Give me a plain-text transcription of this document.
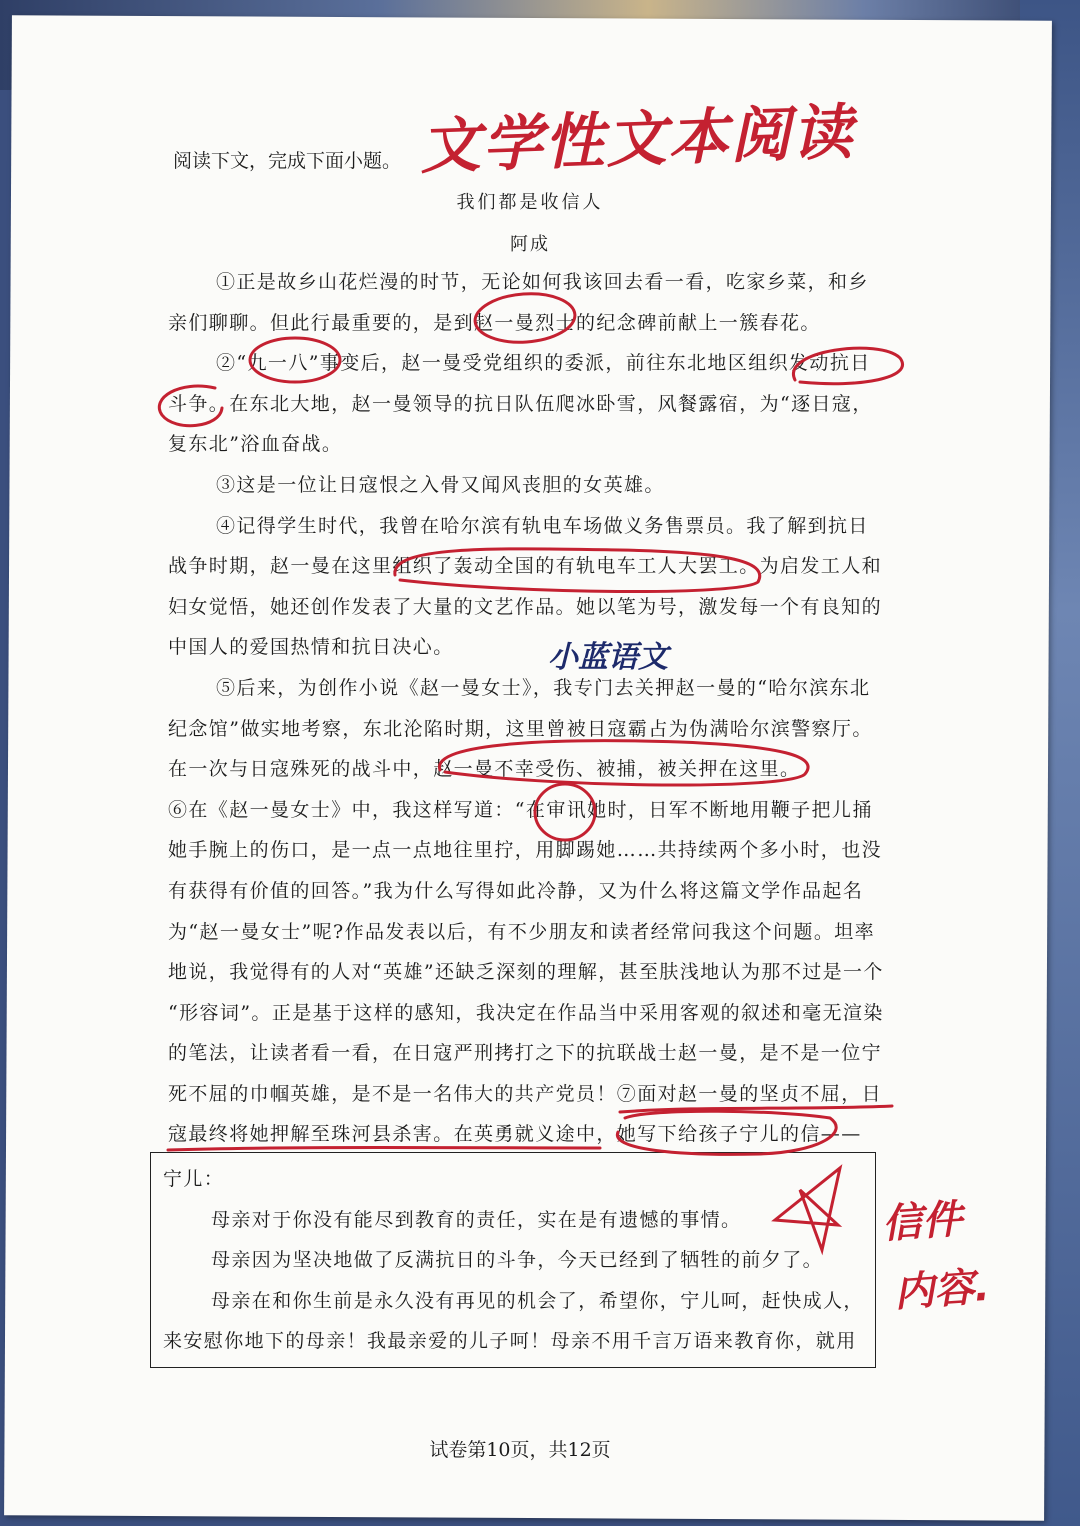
阅读下文，完成下面小题。
我们都是收信人
阿成
①正是故乡山花烂漫的时节，无论如何我该回去看一看，吃家乡菜，和乡
亲们聊聊。但此行最重要的，是到赵一曼烈士的纪念碑前献上一簇春花。
②“九一八”事变后，赵一曼受党组织的委派，前往东北地区组织发动抗日
斗争。在东北大地，赵一曼领导的抗日队伍爬冰卧雪，风餐露宿，为“逐日寇，
复东北”浴血奋战。
③这是一位让日寇恨之入骨又闻风丧胆的女英雄。
④记得学生时代，我曾在哈尔滨有轨电车场做义务售票员。我了解到抗日
战争时期，赵一曼在这里组织了轰动全国的有轨电车工人大罢工。为启发工人和
妇女觉悟，她还创作发表了大量的文艺作品。她以笔为号，激发每一个有良知的
中国人的爱国热情和抗日决心。
⑤后来，为创作小说《赵一曼女士》，我专门去关押赵一曼的“哈尔滨东北
纪念馆”做实地考察，东北沦陷时期，这里曾被日寇霸占为伪满哈尔滨警察厅。
在一次与日寇殊死的战斗中，赵一曼不幸受伤、被捕，被关押在这里。
⑥在《赵一曼女士》中，我这样写道：“在审讯她时，日军不断地用鞭子把儿捅
她手腕上的伤口，是一点一点地往里拧，用脚踢她……共持续两个多小时，也没
有获得有价值的回答。”我为什么写得如此冷静，又为什么将这篇文学作品起名
为“赵一曼女士”呢?作品发表以后，有不少朋友和读者经常问我这个问题。坦率
地说，我觉得有的人对“英雄”还缺乏深刻的理解，甚至肤浅地认为那不过是一个
“形容词”。正是基于这样的感知，我决定在作品当中采用客观的叙述和毫无渲染
的笔法，让读者看一看，在日寇严刑拷打之下的抗联战士赵一曼，是不是一位宁
死不屈的巾帼英雄，是不是一名伟大的共产党员！⑦面对赵一曼的坚贞不屈，日
寇最终将她押解至珠河县杀害。在英勇就义途中，她写下给孩子宁儿的信——
宁儿：
母亲对于你没有能尽到教育的责任，实在是有遗憾的事情。
母亲因为坚决地做了反满抗日的斗争，今天已经到了牺牲的前夕了。
母亲在和你生前是永久没有再见的机会了，希望你，宁儿呵，赶快成人，
来安慰你地下的母亲！我最亲爱的儿子呵！母亲不用千言万语来教育你，就用
试卷第10页，共12页
文学性文本阅读
小蓝语文
信件
内容.
